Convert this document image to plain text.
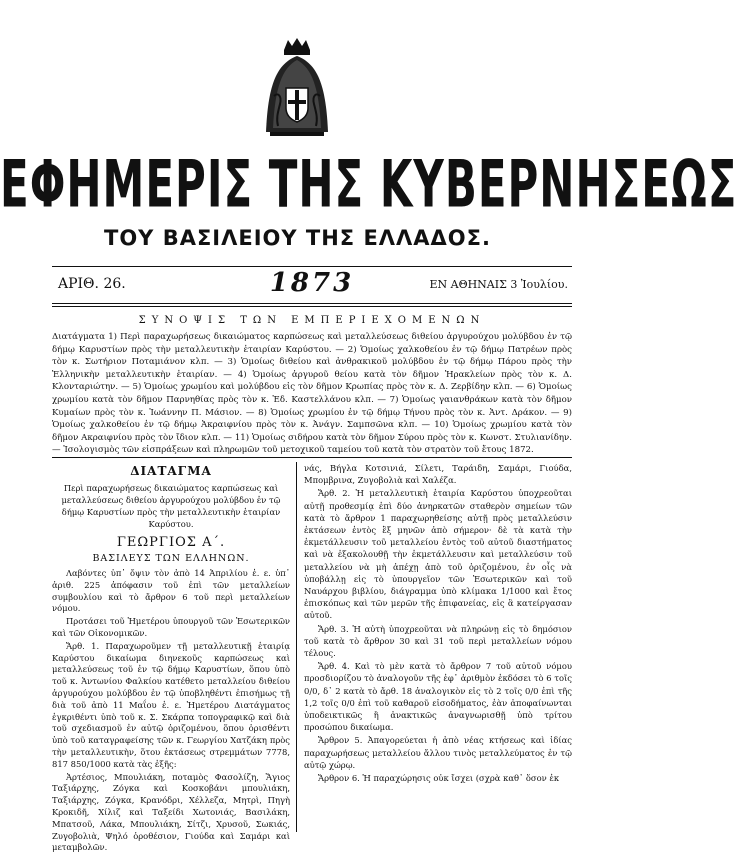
ΕΦΗΜΕΡΙΣ ΤΗΣ ΚΥΒΕΡΝΗΣΕΩΣ
ΤΟΥ ΒΑΣΙΛΕΙΟΥ ΤΗΣ ΕΛΛΑΔΟΣ.
ΑΡΙΘ. 26.	1873	ΕΝ ΑΘΗΝΑΙΣ 3 Ἰουλίου.
ΣΥΝΟΨΙΣ ΤΩΝ ΕΜΠΕΡΙΕΧΟΜΕΝΩΝ

Διατάγματα 1) Περὶ παραχωρήσεως δικαιώματος καρπώσεως καὶ μεταλλεύσεως διθείου ἀργυρούχου μολύβδου ἐν τῷ δήμῳ Καρυστίων πρὸς τὴν μεταλλευτικὴν ἑταιρίαν Καρύστου. — 2) Ὁμοίως χαλκοθείου ἐν τῷ δήμῳ Πατρέων πρὸς τὸν κ. Σωτήριον Ποταμιάνον κλπ. — 3) Ὁμοίως διθείου καὶ ἀνθρακικοῦ μολύβδου ἐν τῷ δήμῳ Πάρου πρὸς τὴν Ἑλληνικὴν μεταλλευτικὴν ἑταιρίαν. — 4) Ὁμοίως ἀργυροῦ θείου κατὰ τὸν δῆμον Ἡρακλείων πρὸς τὸν κ. Δ. Κλονταριώτην. — 5) Ὁμοίως χρωμίου καὶ μολύβδου εἰς τὸν δῆμον Κρωπίας πρὸς τὸν κ. Δ. Ζερβίδην κλπ. — 6) Ὁμοίως χρωμίου κατὰ τὸν δῆμον Παρνηθίας πρὸς τὸν κ. Ἐδ. Καστελλάνου κλπ. — 7) Ὁμοίως γαιανθράκων κατὰ τὸν δῆμον Κυμαίων πρὸς τὸν κ. Ἰωάννην Π. Μάσιον. — 8) Ὁμοίως χρωμίου ἐν τῷ δήμῳ Τήνου πρὸς τὸν κ. Ἀντ. Δράκον. — 9) Ὁμοίως χαλκοθείου ἐν τῷ δήμῳ Ἀκραιφνίου πρὸς τὸν κ. Ἀνάγν. Σαμπσῶνα κλπ. — 10) Ὁμοίως χρωμίου κατὰ τὸν δῆμον Ακραιφνίου πρὸς τὸν ἴδιον κλπ. — 11) Ὁμοίως σιδήρου κατὰ τὸν δῆμον Σύρου πρὸς τὸν κ. Κωνστ. Στυλιανίδην. — Ἰσολογισμὸς τῶν εἰσπράξεων καὶ πληρωμῶν τοῦ μετοχικοῦ ταμείου τοῦ κατὰ τὸν στρατὸν τοῦ ἔτους 1872.

ΔΙΑΤΑΓΜΑ

Περὶ παραχωρήσεως δικαιώματος καρπώσεως καὶ μεταλλεύσεως διθείου ἀργυρούχου μολύβδου ἐν τῷ δήμῳ Καρυστίων πρὸς τὴν μεταλλευτικὴν ἑταιρίαν Καρύστου.

ΓΕΩΡΓΙΟΣ Α΄.

ΒΑΣΙΛΕΥΣ ΤΩΝ ΕΛΛΗΝΩΝ.

Λαβόντες ὑπ᾿ ὄψιν τὸν ἀπὸ 14 Ἀπριλίου ἐ. ε. ὑπ᾿ ἀριθ. 225 ἀπόφασιν τοῦ ἐπὶ τῶν μεταλλείων συμβουλίου καὶ τὸ ἄρθρον 6 τοῦ περὶ μεταλλείων νόμου.

Προτάσει τοῦ Ἡμετέρου ὑπουργοῦ τῶν Ἐσωτερικῶν καὶ τῶν Οἰκονομικῶν.

Ἄρθ. 1. Παραχωροῦμεν τῇ μεταλλευτικῇ ἑταιρίᾳ Καρύστου δικαίωμα διηνεκοῦς καρπώσεως καὶ μεταλλεύσεως τοῦ ἐν τῷ δήμῳ Καρυστίων, ὅπου ὑπὸ τοῦ κ. Ἀντωνίου Φαλκίου κατέθετο μεταλλείου διθείου ἀργυρούχου μολύβδου ἐν τῷ ὑποβληθέντι ἐπισήμως τῇ διὰ τοῦ ἀπὸ 11 Μαΐου ἐ. ε. Ἡμετέρου Διατάγματος ἐγκριθέντι ὑπὸ τοῦ κ. Σ. Σκάρπα τοπογραφικῷ καὶ διὰ τοῦ σχεδιασμοῦ ἐν αὐτῷ ὁριζομένου, ὅπου ὁρισθέντι ὑπὸ τοῦ καταγραφείσης τῶν κ. Γεωργίου Χατζάκη πρὸς τὴν μεταλλευτικὴν, ὅτου ἐκτάσεως στρεμμάτων 7778, 817 850/1000 κατὰ τὰς ἐξῆς:

Ἀρτέσιος, Μπουλιάκη, ποταμὸς Φασολίζη, Ἅγιος Ταξιάρχης, Ζόγκα καὶ Κοσκοβάνι μπουλιάκη, Ταξιάρχης, Ζόγκα, Κρανόδρι, Χέλλεζα, Μητρὶ, Πηγὴ Κροκιδῆ, Χίλιζ καὶ Ταξείδι Χωτονιάς, Βασιλάκη, Μπατσοῦ, Λάκα, Μπουλιάκη, Σίτζι, Χρυσοῦ, Σωκιάς, Ζυγοβολιὰ, Ψηλό ὁροθέσιον, Γιούδα καὶ Σαμάρι καὶ μεταμβολῶν.

νάς, Βήγλα Κοτσινιά, Σίλετι, Ταράιδη, Σαμάρι, Γιούδα, Μπομβρινα, Ζυγοβολιὰ καὶ Χαλέζα.

Ἄρθ. 2. Ἡ μεταλλευτικὴ ἑταιρία Καρύστου ὑποχρεοῦται αὐτῇ προθεσμίᾳ ἐπὶ δύο ἀνηρκατῶν σταθερὸν σημείων τῶν κατὰ τὸ ἄρθρον 1 παραχωρηθείσης αὐτῇ πρὸς μεταλλεύσιν ἐκτάσεων ἐντὸς ἓξ μηνῶν ἀπὸ σήμερον· δὲ τὰ κατὰ τὴν ἐκμετάλλευσιν τοῦ μεταλλείου ἐντὸς τοῦ αὐτοῦ διαστήματος καὶ νὰ ἐξακολουθῇ τὴν ἐκμετάλλευσιν καὶ μεταλλεύσιν τοῦ μεταλλείου νὰ μὴ ἀπέχῃ ἀπὸ τοῦ ὁριζομένου, ἐν οἷς νὰ ὑποβάλλῃ εἰς τὸ ὑπουργεῖον τῶν Ἐσωτερικῶν καὶ τοῦ Ναυάρχου βιβλίου, διάγραμμα ὑπὸ κλίμακα 1/1000 καὶ ἔτος ἐπισκόπως καὶ τῶν μερῶν τῆς ἐπιφανείας, εἰς ἃ κατείργασαν αὐτοῦ.

Ἄρθ. 3. Ἡ αὐτὴ ὑποχρεοῦται νὰ πληρώνῃ εἰς τὸ δημόσιον τοῦ κατὰ τὸ ἄρθρον 30 καὶ 31 τοῦ περὶ μεταλλείων νόμου τέλους.

Ἄρθ. 4. Καὶ τὸ μὲν κατὰ τὸ ἄρθρον 7 τοῦ αὐτοῦ νόμου προσδιορίζου τὸ ἀναλογοῦν τῆς ἐφ᾿ ἀριθμὸν ἐκδόσει τὸ 6 τοῖς 0/0, δ᾿ 2 κατὰ τὸ ἄρθ. 18 ἀναλογικὸν εἰς τὸ 2 τοῖς 0/0 ἐπὶ τῆς 1,2 τοῖς 0/0 ἐπὶ τοῦ καθαροῦ εἰσοδήματος, ἐὰν ἀποφαίνωνται ὑποδεικτικῶς ἢ ἀνακτικῶς ἀναγνωρισθῇ ὑπὸ τρίτου προσώπου δικαίωμα.

Ἄρθρον 5. Ἀπαγορεύεται ἡ ἀπὸ νέας κτήσεως καὶ ἰδίας παραχωρήσεως μεταλλείου ἄλλου τινὸς μεταλλεύματος ἐν τῷ αὐτῷ χώρῳ.

Ἄρθρον 6. Ἡ παραχώρησις οὐκ ἴσχει (σχρὰ καθ᾿ ὅσον ἐκ
